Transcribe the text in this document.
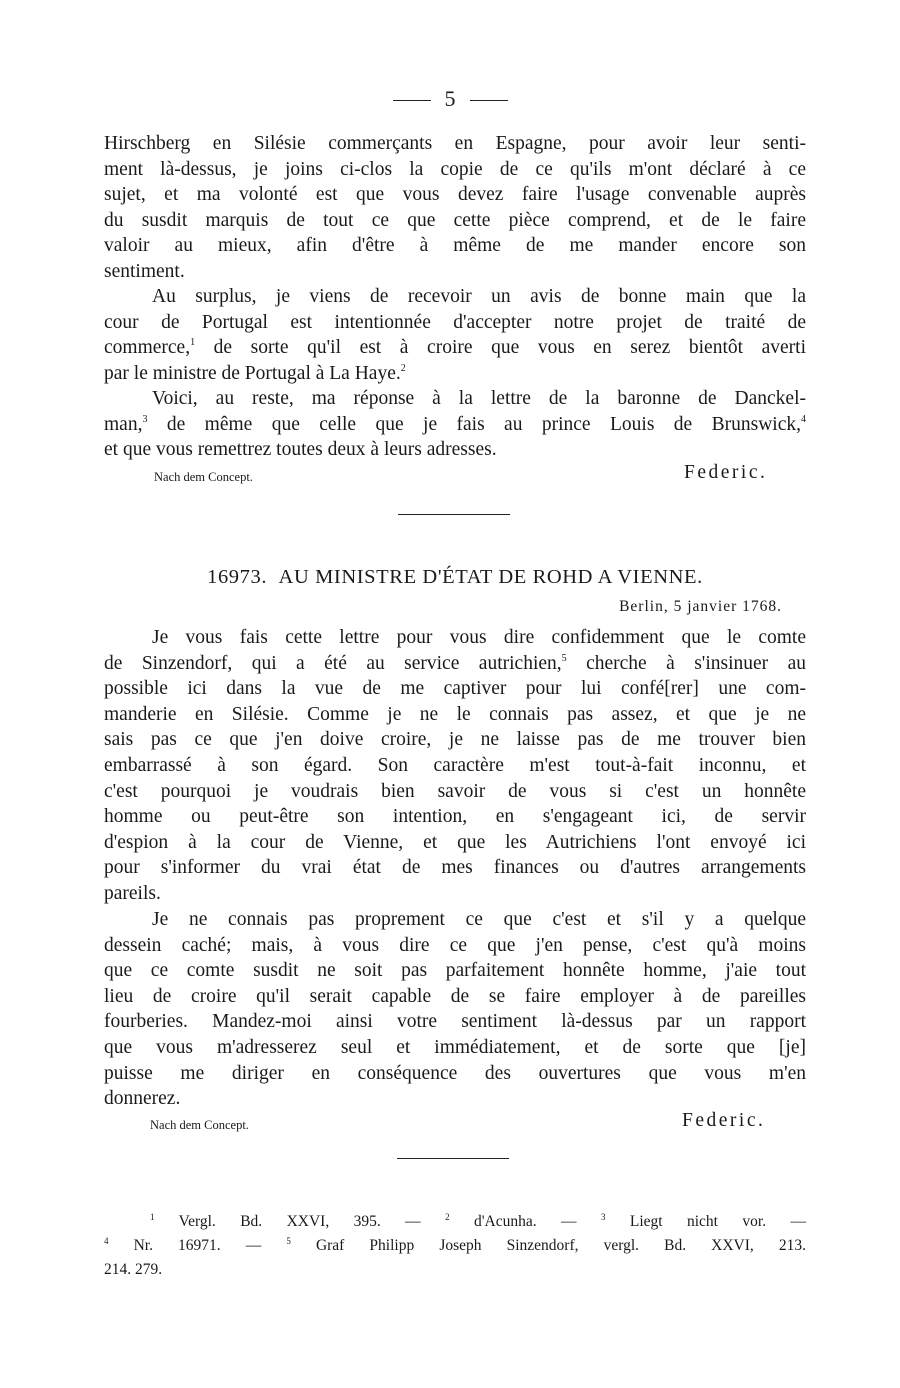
5
Hirschberg en Silésie commerçants en Espagne, pour avoir leur senti-
ment là-dessus, je joins ci-clos la copie de ce qu'ils m'ont déclaré à ce
sujet, et ma volonté est que vous devez faire l'usage convenable auprès
du susdit marquis de tout ce que cette pièce comprend, et de le faire
valoir au mieux, afin d'être à même de me mander encore son
sentiment.
Au surplus, je viens de recevoir un avis de bonne main que la
cour de Portugal est intentionnée d'accepter notre projet de traité de
commerce,$^1$ de sorte qu'il est à croire que vous en serez bientôt averti
par le ministre de Portugal à La Haye.$^2$
Voici, au reste, ma réponse à la lettre de la baronne de Danckel-
man,$^3$ de même que celle que je fais au prince Louis de Brunswick,$^4$
et que vous remettrez toutes deux à leurs adresses.
Nach dem Concept.	Federic.
16973. AU MINISTRE D'ÉTAT DE ROHD A VIENNE.
Berlin, 5 janvier 1768.
Je vous fais cette lettre pour vous dire confidemment que le comte
de Sinzendorf, qui a été au service autrichien,$^5$ cherche à s'insinuer au
possible ici dans la vue de me captiver pour lui confé[rer] une com-
manderie en Silésie. Comme je ne le connais pas assez, et que je ne
sais pas ce que j'en doive croire, je ne laisse pas de me trouver bien
embarrassé à son égard. Son caractère m'est tout-à-fait inconnu, et
c'est pourquoi je voudrais bien savoir de vous si c'est un honnête
homme ou peut-être son intention, en s'engageant ici, de servir
d'espion à la cour de Vienne, et que les Autrichiens l'ont envoyé ici
pour s'informer du vrai état de mes finances ou d'autres arrangements
pareils.
Je ne connais pas proprement ce que c'est et s'il y a quelque
dessein caché; mais, à vous dire ce que j'en pense, c'est qu'à moins
que ce comte susdit ne soit pas parfaitement honnête homme, j'aie tout
lieu de croire qu'il serait capable de se faire employer à de pareilles
fourberies. Mandez-moi ainsi votre sentiment là-dessus par un rapport
que vous m'adresserez seul et immédiatement, et de sorte que [je]
puisse me diriger en conséquence des ouvertures que vous m'en
donnerez.
Nach dem Concept.	Federic.
$^1$ Vergl. Bd. XXVI, 395. — $^2$ d'Acunha. — $^3$ Liegt nicht vor. —
$^4$ Nr. 16971. — $^5$ Graf Philipp Joseph Sinzendorf, vergl. Bd. XXVI, 213.
214. 279.
